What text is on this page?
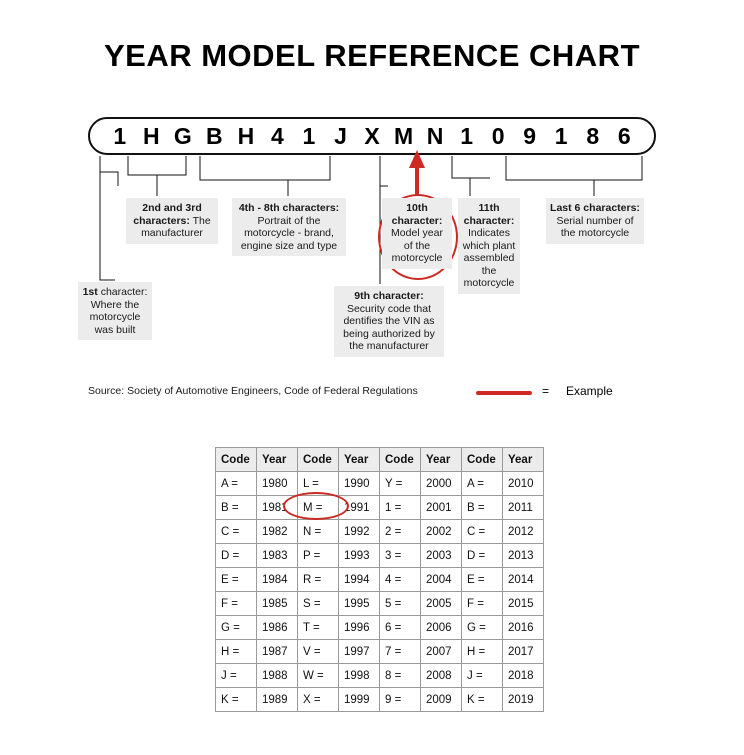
YEAR MODEL REFERENCE CHART
1 H G B H 4 1 J X M N 1 0 9 1 8 6
1st character: Where the motorcycle was built
2nd and 3rd characters: The manufacturer
4th - 8th characters: Portrait of the motorcycle - brand, engine size and type
9th character: Security code that dentifies the VIN as being authorized by the manufacturer
10th character: Model year of the motorcycle
11th character: Indicates which plant assembled the motorcycle
Last 6 characters: Serial number of the motorcycle
Source: Society of Automotive Engineers, Code of Federal Regulations	= Example
Code	Year	Code	Year	Code	Year	Code	Year
A =	1980	L =	1990	Y =	2000	A =	2010
B =	1981	M =	1991	1 =	2001	B =	2011
C =	1982	N =	1992	2 =	2002	C =	2012
D =	1983	P =	1993	3 =	2003	D =	2013
E =	1984	R =	1994	4 =	2004	E =	2014
F =	1985	S =	1995	5 =	2005	F =	2015
G =	1986	T =	1996	6 =	2006	G =	2016
H =	1987	V =	1997	7 =	2007	H =	2017
J =	1988	W =	1998	8 =	2008	J =	2018
K =	1989	X =	1999	9 =	2009	K =	2019
